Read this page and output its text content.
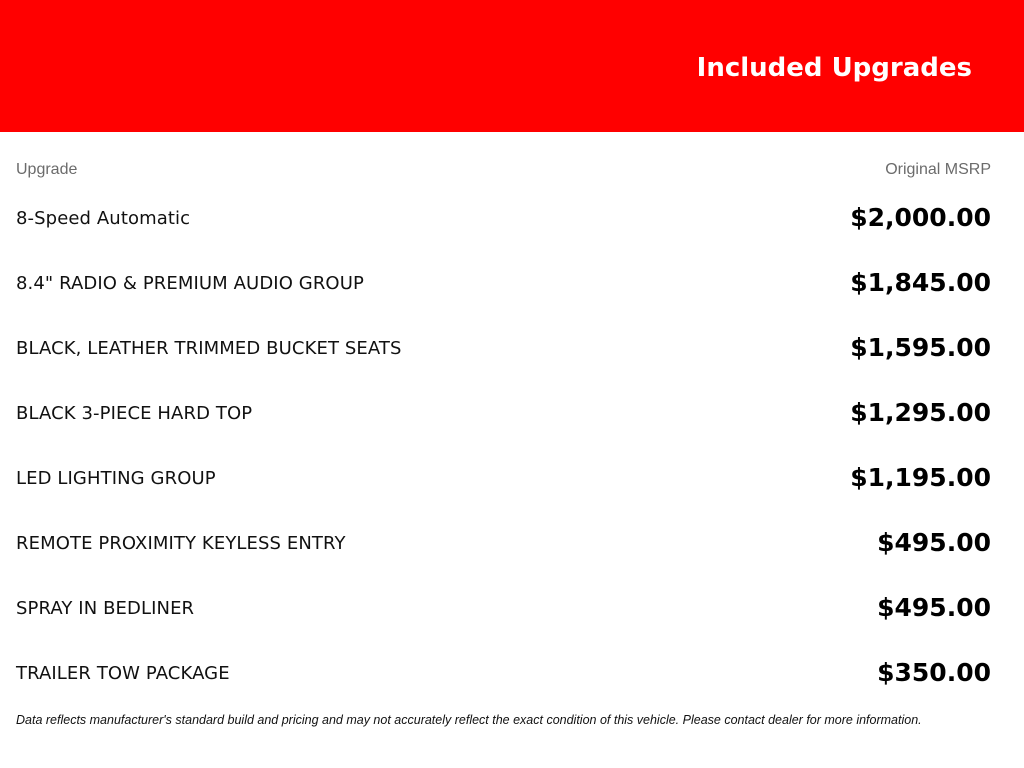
Included Upgrades
Upgrade	Original MSRP
8-Speed Automatic	$2,000.00
8.4" RADIO & PREMIUM AUDIO GROUP	$1,845.00
BLACK, LEATHER TRIMMED BUCKET SEATS	$1,595.00
BLACK 3-PIECE HARD TOP	$1,295.00
LED LIGHTING GROUP	$1,195.00
REMOTE PROXIMITY KEYLESS ENTRY	$495.00
SPRAY IN BEDLINER	$495.00
TRAILER TOW PACKAGE	$350.00
Data reflects manufacturer's standard build and pricing and may not accurately reflect the exact condition of this vehicle. Please contact dealer for more information.
